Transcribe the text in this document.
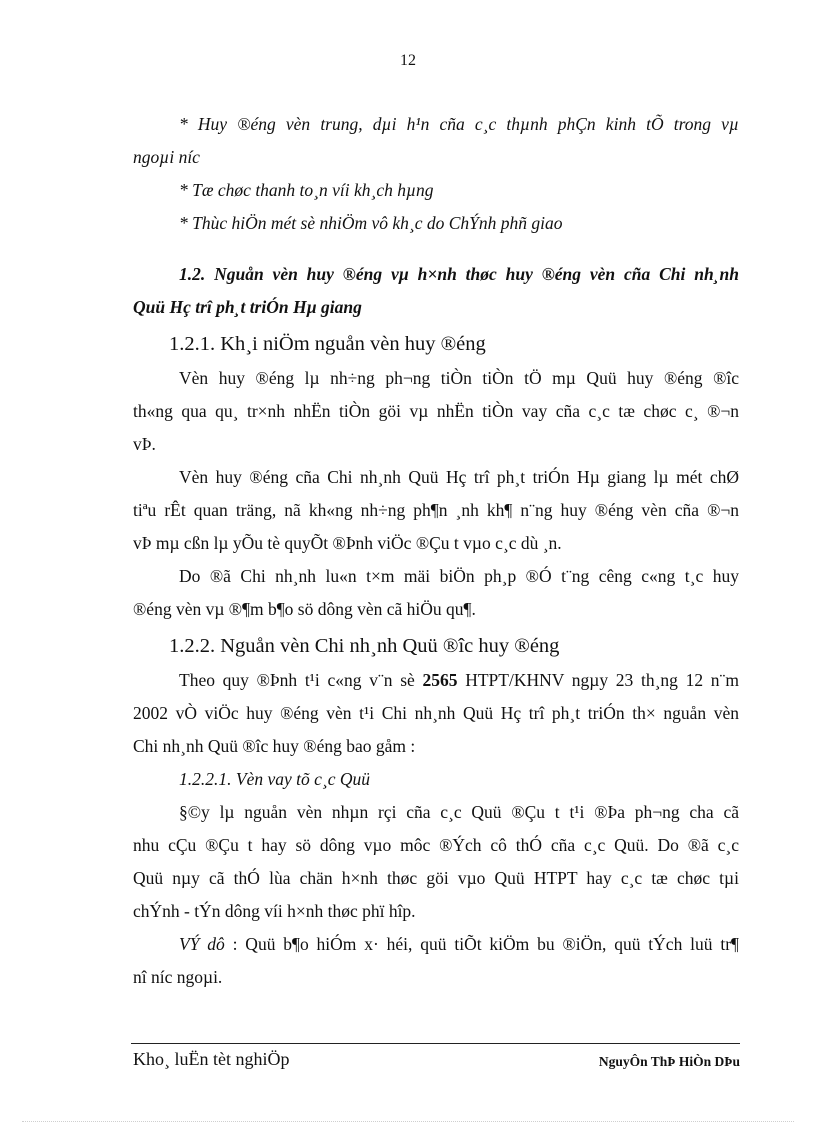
12
* Huy ®éng vèn trung, dµi h¹n cña c¸c thµnh phÇn kinh tÕ trong vµ
ngoµi níc
* Tæ chøc thanh to¸n víi kh¸ch hµng
* Thùc hiÖn mét sè nhiÖm vô kh¸c do ChÝnh phñ giao
1.2. Nguån vèn huy ®éng vµ h×nh thøc huy ®éng vèn cña Chi nh¸nh
Quü Hç trî ph¸t triÓn Hµ giang
1.2.1. Kh¸i niÖm nguån vèn huy ®éng
Vèn huy ®éng lµ nh÷ng ph¬ng tiÒn tiÒn tÖ mµ Quü huy ®éng ®îc
th«ng qua qu¸ tr×nh nhËn tiÒn göi vµ nhËn tiÒn vay cña c¸c tæ chøc c¸ ®¬n
vÞ.
Vèn huy ®éng cña Chi nh¸nh Quü Hç trî ph¸t triÓn Hµ giang lµ mét chØ
tiªu rÊt quan träng, nã kh«ng nh÷ng ph¶n ¸nh kh¶ n¨ng huy ®éng vèn cña ®¬n
vÞ mµ cßn lµ yÕu tè quyÕt ®Þnh viÖc ®Çu t vµo c¸c dù ¸n.
Do ®ã Chi nh¸nh lu«n t×m mäi biÖn ph¸p ®Ó t¨ng cêng c«ng t¸c huy
®éng vèn vµ ®¶m b¶o sö dông vèn cã hiÖu qu¶.
1.2.2. Nguån vèn Chi nh¸nh Quü ®îc huy ®éng
Theo quy ®Þnh t¹i c«ng v¨n sè 2565 HTPT/KHNV ngµy 23 th¸ng 12 n¨m
2002 vÒ viÖc huy ®éng vèn t¹i Chi nh¸nh Quü Hç trî ph¸t triÓn th× nguån vèn
Chi nh¸nh Quü ®îc huy ®éng bao gåm :
1.2.2.1. Vèn vay tõ c¸c Quü
§©y lµ nguån vèn nhµn rçi cña c¸c Quü ®Çu t t¹i ®Þa ph¬ng cha cã
nhu cÇu ®Çu t hay sö dông vµo môc ®Ých cô thÓ cña c¸c Quü. Do ®ã c¸c
Quü nµy cã thÓ lùa chän h×nh thøc göi vµo Quü HTPT hay c¸c tæ chøc tµi
chÝnh - tÝn dông víi h×nh thøc phï hîp.
VÝ dô : Quü b¶o hiÓm x· héi, quü tiÕt kiÖm bu ®iÖn, quü tÝch luü tr¶
nî níc ngoµi.
Kho¸ luËn tèt nghiÖp	NguyÔn ThÞ HiÒn DÞu
